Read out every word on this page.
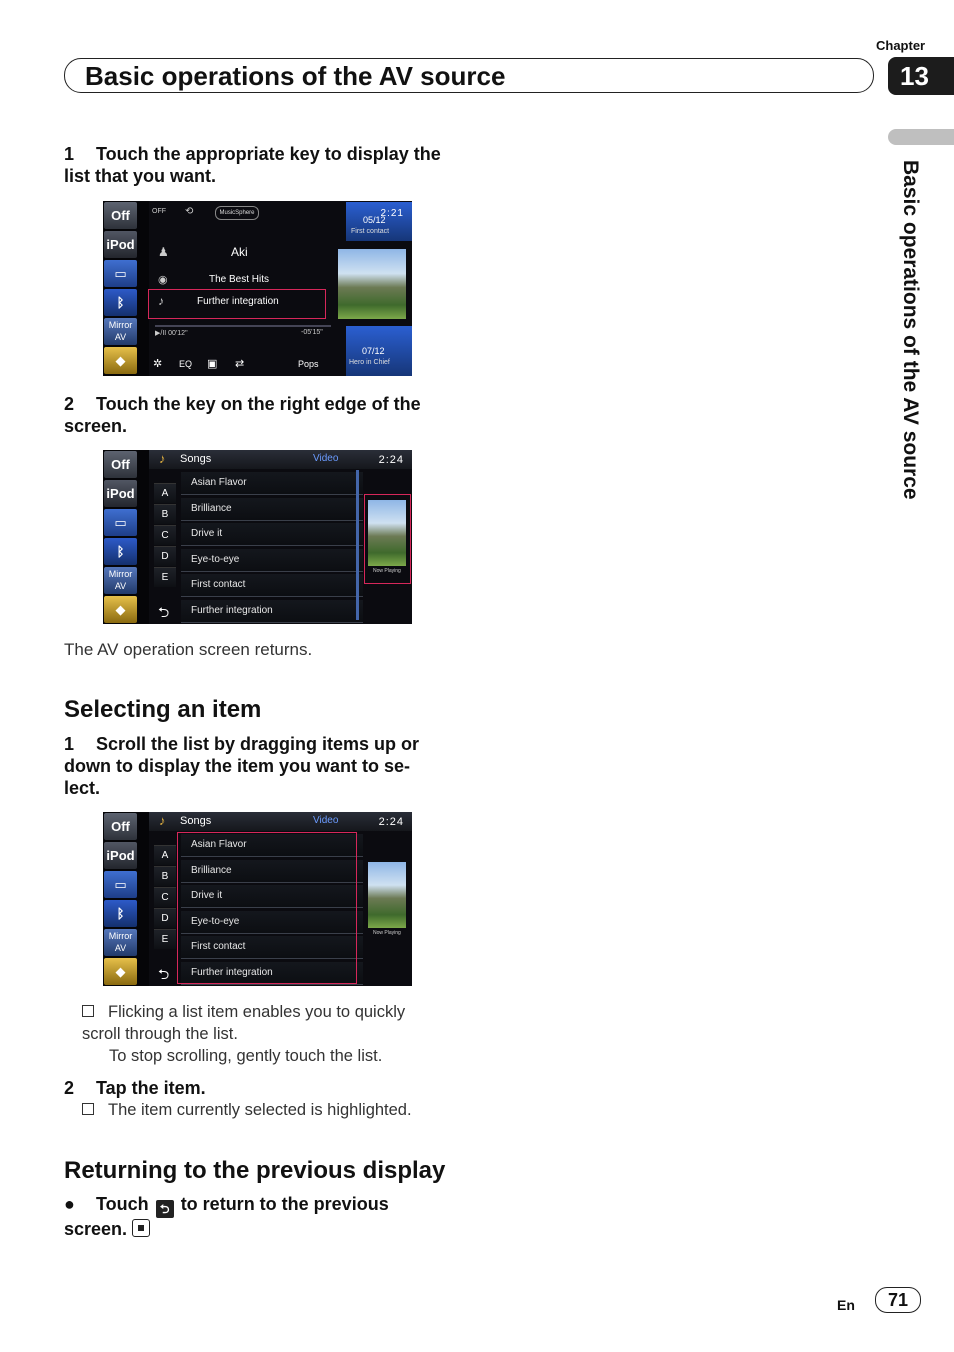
Chapter
13
Basic operations of the AV source
Basic operations of the AV source
1 Touch the appropriate key to display the list that you want.
Off
iPod
▭
ᛒ
Mirror AV
◆
OFF ⟲	MusicSphere
Aki
♟
The Best Hits
◉
♪	Further integration
▶/II 00'12"	-05'15"
✲ EQ ▣ ⇄	Pops
2:21
05/12
First contact
07/12
Hero in Chief
2 Touch the key on the right edge of the screen.
Off
iPod
▭
ᛒ
Mirror AV
◆
♪ Songs	Video	2:24
A
B
C
D
E
⮌
Asian Flavor
Brilliance
Drive it
Eye-to-eye
First contact
Further integration
Now Playing
The AV operation screen returns.
Selecting an item
1 Scroll the list by dragging items up or down to display the item you want to se-lect.
Off
iPod
▭
ᛒ
Mirror AV
◆
♪ Songs	Video	2:24
A
B
C
D
E
⮌
Asian Flavor
Brilliance
Drive it
Eye-to-eye
First contact
Further integration
Now Playing
Flicking a list item enables you to quickly scroll through the list.
To stop scrolling, gently touch the list.
2 Tap the item.
The item currently selected is highlighted.
Returning to the previous display
● Touch ⮌ to return to the previous screen.
En	71
